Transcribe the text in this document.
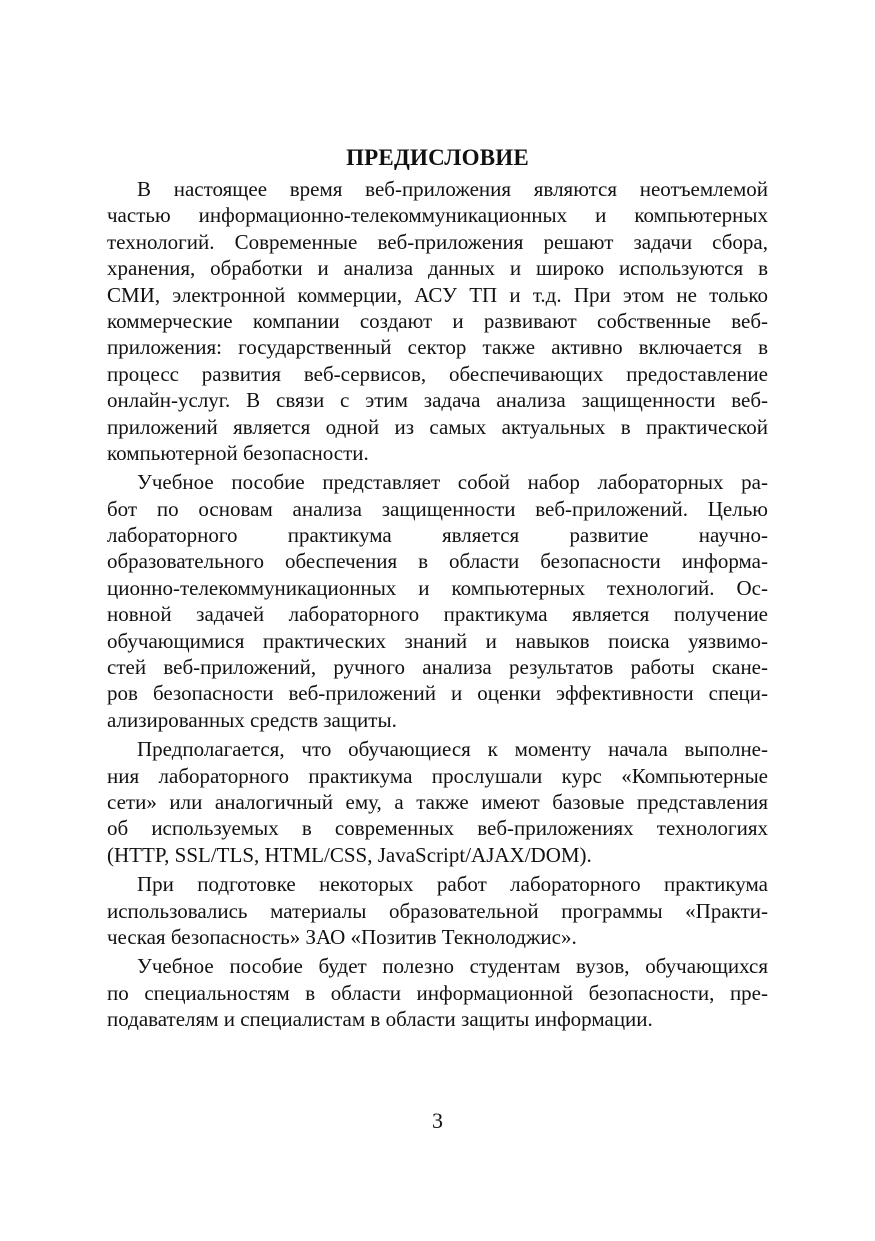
ПРЕДИСЛОВИЕ
В настоящее время веб-приложения являются неотъемлемой
частью информационно-телекоммуникационных и компьютерных
технологий. Современные веб-приложения решают задачи сбора,
хранения, обработки и анализа данных и широко используются в
СМИ, электронной коммерции, АСУ ТП и т.д. При этом не только
коммерческие компании создают и развивают собственные веб-
приложения: государственный сектор также активно включается в
процесс развития веб-сервисов, обеспечивающих предоставление
онлайн-услуг. В связи с этим задача анализа защищенности веб-
приложений является одной из самых актуальных в практической
компьютерной безопасности.
Учебное пособие представляет собой набор лабораторных ра-
бот по основам анализа защищенности веб-приложений. Целью
лабораторного практикума является развитие научно-
образовательного обеспечения в области безопасности информа-
ционно-телекоммуникационных и компьютерных технологий. Ос-
новной задачей лабораторного практикума является получение
обучающимися практических знаний и навыков поиска уязвимо-
стей веб-приложений, ручного анализа результатов работы скане-
ров безопасности веб-приложений и оценки эффективности специ-
ализированных средств защиты.
Предполагается, что обучающиеся к моменту начала выполне-
ния лабораторного практикума прослушали курс «Компьютерные
сети» или аналогичный ему, а также имеют базовые представления
об используемых в современных веб-приложениях технологиях
(HTTP, SSL/TLS, HTML/CSS, JavaScript/AJAX/DOM).
При подготовке некоторых работ лабораторного практикума
использовались материалы образовательной программы «Практи-
ческая безопасность» ЗАО «Позитив Текнолоджис».
Учебное пособие будет полезно студентам вузов, обучающихся
по специальностям в области информационной безопасности, пре-
подавателям и специалистам в области защиты информации.
3
